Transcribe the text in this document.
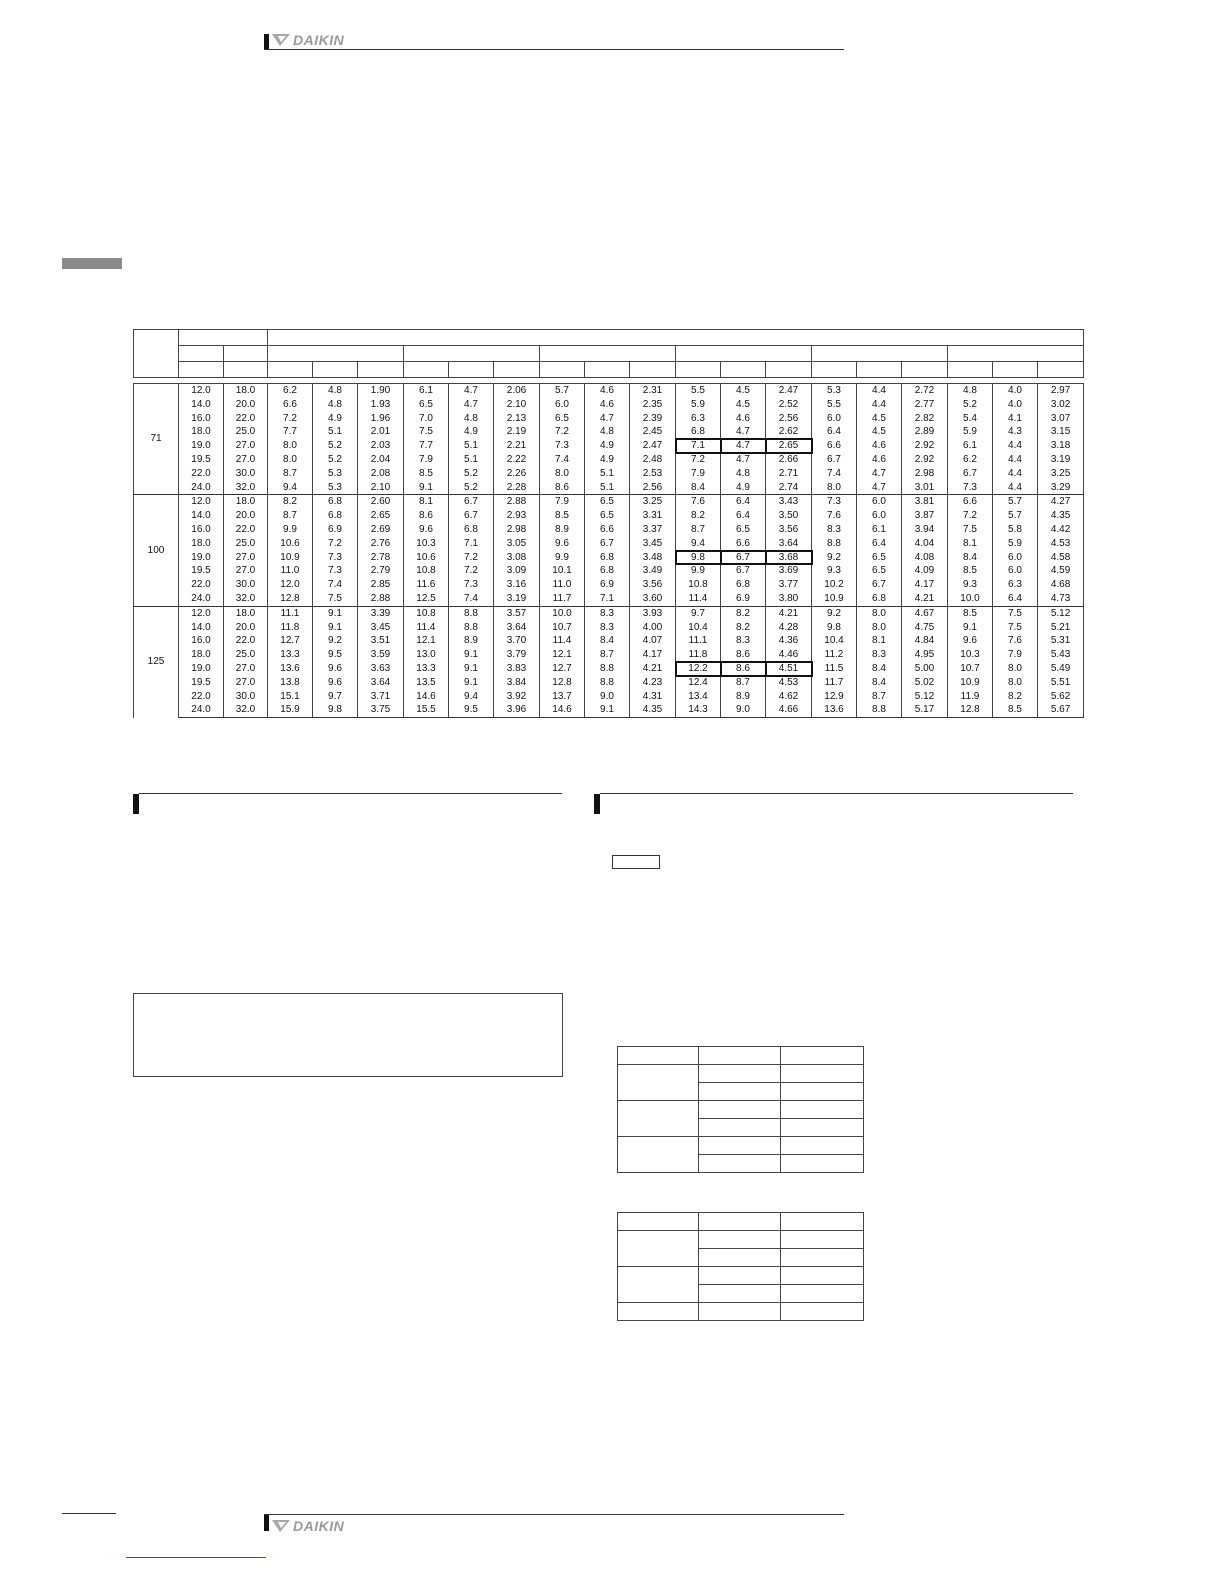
DAIKIN

71	12.0	18.0	6.2	4.8	1.90	6.1	4.7	2.06	5.7	4.6	2.31	5.5	4.5	2.47	5.3	4.4	2.72	4.8	4.0	2.97
	14.0	20.0	6.6	4.8	1.93	6.5	4.7	2.10	6.0	4.6	2.35	5.9	4.5	2.52	5.5	4.4	2.77	5.2	4.0	3.02
	16.0	22.0	7.2	4.9	1.96	7.0	4.8	2.13	6.5	4.7	2.39	6.3	4.6	2.56	6.0	4.5	2.82	5.4	4.1	3.07
	18.0	25.0	7.7	5.1	2.01	7.5	4.9	2.19	7.2	4.8	2.45	6.8	4.7	2.62	6.4	4.5	2.89	5.9	4.3	3.15
	19.0	27.0	8.0	5.2	2.03	7.7	5.1	2.21	7.3	4.9	2.47	7.1	4.7	2.65	6.6	4.6	2.92	6.1	4.4	3.18
	19.5	27.0	8.0	5.2	2.04	7.9	5.1	2.22	7.4	4.9	2.48	7.2	4.7	2.66	6.7	4.6	2.92	6.2	4.4	3.19
	22.0	30.0	8.7	5.3	2.08	8.5	5.2	2.26	8.0	5.1	2.53	7.9	4.8	2.71	7.4	4.7	2.98	6.7	4.4	3.25
	24.0	32.0	9.4	5.3	2.10	9.1	5.2	2.28	8.6	5.1	2.56	8.4	4.9	2.74	8.0	4.7	3.01	7.3	4.4	3.29
100	12.0	18.0	8.2	6.8	2.60	8.1	6.7	2.88	7.9	6.5	3.25	7.6	6.4	3.43	7.3	6.0	3.81	6.6	5.7	4.27
	14.0	20.0	8.7	6.8	2.65	8.6	6.7	2.93	8.5	6.5	3.31	8.2	6.4	3.50	7.6	6.0	3.87	7.2	5.7	4.35
	16.0	22.0	9.9	6.9	2.69	9.6	6.8	2.98	8.9	6.6	3.37	8.7	6.5	3.56	8.3	6.1	3.94	7.5	5.8	4.42
	18.0	25.0	10.6	7.2	2.76	10.3	7.1	3.05	9.6	6.7	3.45	9.4	6.6	3.64	8.8	6.4	4.04	8.1	5.9	4.53
	19.0	27.0	10.9	7.3	2.78	10.6	7.2	3.08	9.9	6.8	3.48	9.8	6.7	3.68	9.2	6.5	4.08	8.4	6.0	4.58
	19.5	27.0	11.0	7.3	2.79	10.8	7.2	3.09	10.1	6.8	3.49	9.9	6.7	3.69	9.3	6.5	4.09	8.5	6.0	4.59
	22.0	30.0	12.0	7.4	2.85	11.6	7.3	3.16	11.0	6.9	3.56	10.8	6.8	3.77	10.2	6.7	4.17	9.3	6.3	4.68
	24.0	32.0	12.8	7.5	2.88	12.5	7.4	3.19	11.7	7.1	3.60	11.4	6.9	3.80	10.9	6.8	4.21	10.0	6.4	4.73
125	12.0	18.0	11.1	9.1	3.39	10.8	8.8	3.57	10.0	8.3	3.93	9.7	8.2	4.21	9.2	8.0	4.67	8.5	7.5	5.12
	14.0	20.0	11.8	9.1	3.45	11.4	8.8	3.64	10.7	8.3	4.00	10.4	8.2	4.28	9.8	8.0	4.75	9.1	7.5	5.21
	16.0	22.0	12.7	9.2	3.51	12.1	8.9	3.70	11.4	8.4	4.07	11.1	8.3	4.36	10.4	8.1	4.84	9.6	7.6	5.31
	18.0	25.0	13.3	9.5	3.59	13.0	9.1	3.79	12.1	8.7	4.17	11.8	8.6	4.46	11.2	8.3	4.95	10.3	7.9	5.43
	19.0	27.0	13.6	9.6	3.63	13.3	9.1	3.83	12.7	8.8	4.21	12.2	8.6	4.51	11.5	8.4	5.00	10.7	8.0	5.49
	19.5	27.0	13.8	9.6	3.64	13.5	9.1	3.84	12.8	8.8	4.23	12.4	8.7	4.53	11.7	8.4	5.02	10.9	8.0	5.51
	22.0	30.0	15.1	9.7	3.71	14.6	9.4	3.92	13.7	9.0	4.31	13.4	8.9	4.62	12.9	8.7	5.12	11.9	8.2	5.62
	24.0	32.0	15.9	9.8	3.75	15.5	9.5	3.96	14.6	9.1	4.35	14.3	9.0	4.66	13.6	8.8	5.17	12.8	8.5	5.67

DAIKIN
